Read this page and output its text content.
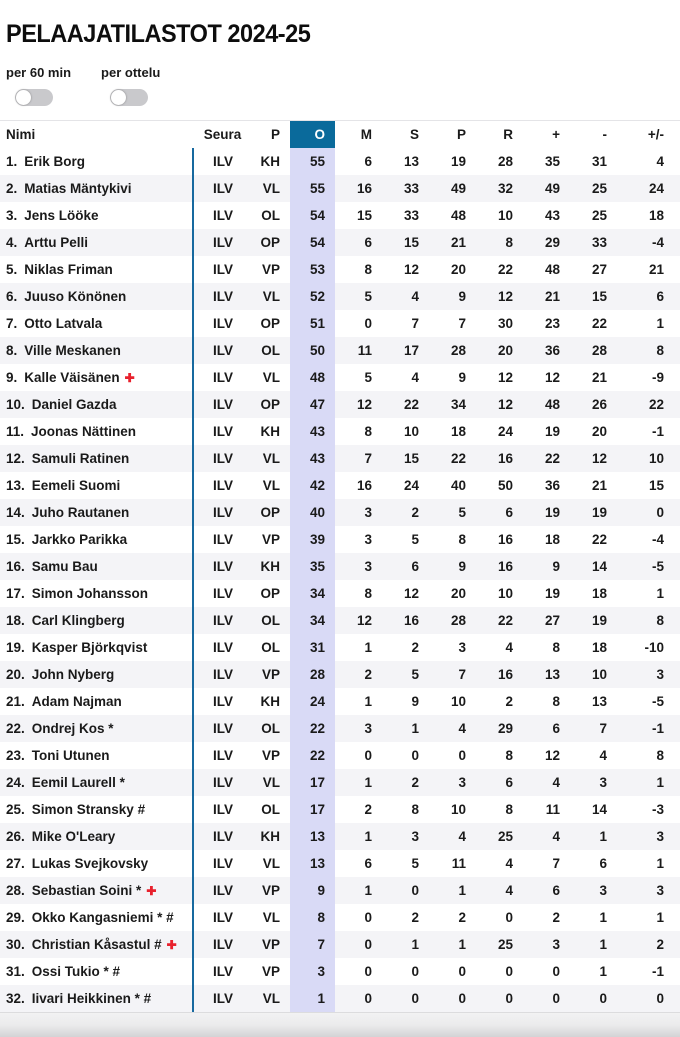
PELAAJATILASTOT 2024-25
per 60 min per ottelu
Nimi	Seura	P	O	M	S	P	R	+	-	+/-
1. Erik Borg	ILV	KH	55	6	13	19	28	35	31	4
2. Matias Mäntykivi	ILV	VL	55	16	33	49	32	49	25	24
3. Jens Lööke	ILV	OL	54	15	33	48	10	43	25	18
4. Arttu Pelli	ILV	OP	54	6	15	21	8	29	33	-4
5. Niklas Friman	ILV	VP	53	8	12	20	22	48	27	21
6. Juuso Könönen	ILV	VL	52	5	4	9	12	21	15	6
7. Otto Latvala	ILV	OP	51	0	7	7	30	23	22	1
8. Ville Meskanen	ILV	OL	50	11	17	28	20	36	28	8
9. Kalle Väisänen ✚	ILV	VL	48	5	4	9	12	12	21	-9
10. Daniel Gazda	ILV	OP	47	12	22	34	12	48	26	22
11. Joonas Nättinen	ILV	KH	43	8	10	18	24	19	20	-1
12. Samuli Ratinen	ILV	VL	43	7	15	22	16	22	12	10
13. Eemeli Suomi	ILV	VL	42	16	24	40	50	36	21	15
14. Juho Rautanen	ILV	OP	40	3	2	5	6	19	19	0
15. Jarkko Parikka	ILV	VP	39	3	5	8	16	18	22	-4
16. Samu Bau	ILV	KH	35	3	6	9	16	9	14	-5
17. Simon Johansson	ILV	OP	34	8	12	20	10	19	18	1
18. Carl Klingberg	ILV	OL	34	12	16	28	22	27	19	8
19. Kasper Björkqvist	ILV	OL	31	1	2	3	4	8	18	-10
20. John Nyberg	ILV	VP	28	2	5	7	16	13	10	3
21. Adam Najman	ILV	KH	24	1	9	10	2	8	13	-5
22. Ondrej Kos *	ILV	OL	22	3	1	4	29	6	7	-1
23. Toni Utunen	ILV	VP	22	0	0	0	8	12	4	8
24. Eemil Laurell *	ILV	VL	17	1	2	3	6	4	3	1
25. Simon Stransky #	ILV	OL	17	2	8	10	8	11	14	-3
26. Mike O'Leary	ILV	KH	13	1	3	4	25	4	1	3
27. Lukas Svejkovsky	ILV	VL	13	6	5	11	4	7	6	1
28. Sebastian Soini * ✚	ILV	VP	9	1	0	1	4	6	3	3
29. Okko Kangasniemi * #	ILV	VL	8	0	2	2	0	2	1	1
30. Christian Kåsastul # ✚	ILV	VP	7	0	1	1	25	3	1	2
31. Ossi Tukio * #	ILV	VP	3	0	0	0	0	0	1	-1
32. Iivari Heikkinen * #	ILV	VL	1	0	0	0	0	0	0	0
